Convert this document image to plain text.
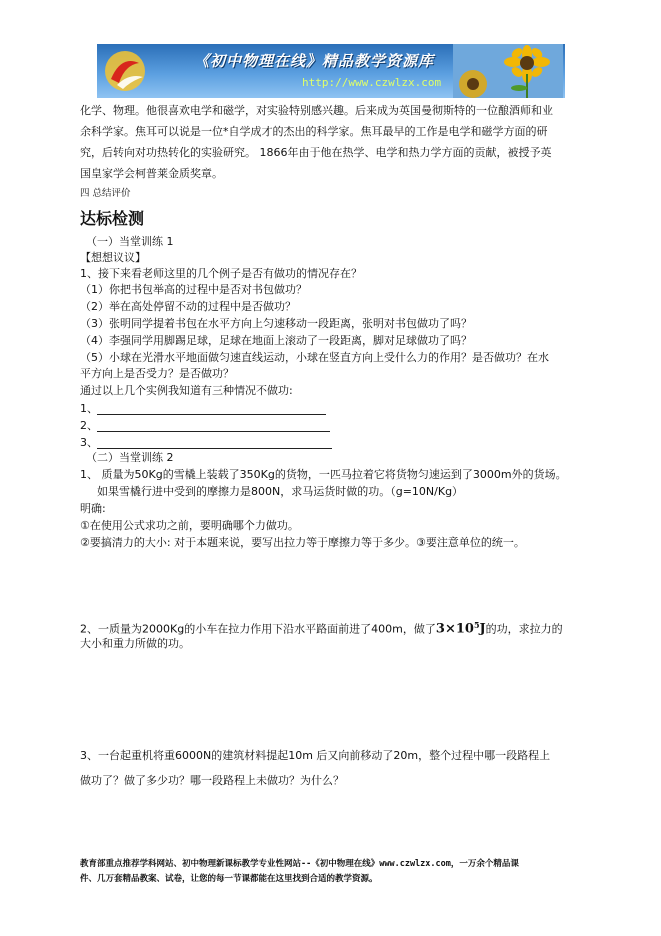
《初中物理在线》精品教学资源库
http://www.czwlzx.com
化学、物理。他很喜欢电学和磁学，对实验特别感兴趣。后来成为英国曼彻斯特的一位酿酒师和业
余科学家。焦耳可以说是一位*自学成才的杰出的科学家。焦耳最早的工作是电学和磁学方面的研
究，后转向对功热转化的实验研究。 1866年由于他在热学、电学和热力学方面的贡献，被授予英
国皇家学会柯普莱金质奖章。
四 总结评价
达标检测
（一）当堂训练 1
【想想议议】
1、接下来看老师这里的几个例子是否有做功的情况存在？
（1）你把书包举高的过程中是否对书包做功？
（2）举在高处停留不动的过程中是否做功？
（3）张明同学提着书包在水平方向上匀速移动一段距离，张明对书包做功了吗？
（4）李强同学用脚踢足球，足球在地面上滚动了一段距离，脚对足球做功了吗？
（5）小球在光滑水平地面做匀速直线运动，小球在竖直方向上受什么力的作用？是否做功？在水
平方向上是否受力？是否做功？
通过以上几个实例我知道有三种情况不做功:
1、
2、
3、
（二）当堂训练 2
1、 质量为50Kg的雪橇上装载了350Kg的货物，一匹马拉着它将货物匀速运到了3000m外的货场。
如果雪橇行进中受到的摩擦力是800N，求马运货时做的功。（g=10N/Kg）
明确:
①在使用公式求功之前，要明确哪个力做功。
②要搞清力的大小: 对于本题来说，要写出拉力等于摩擦力等于多少。③要注意单位的统一。
2、一质量为2000Kg的小车在拉力作用下沿水平路面前进了400m，做了$3\times 10^5J$的功，求拉力的
大小和重力所做的功。
3、一台起重机将重6000N的建筑材料提起10m 后又向前移动了20m，整个过程中哪一段路程上
做功了？做了多少功？哪一段路程上未做功？为什么？
教育部重点推荐学科网站、初中物理新课标教学专业性网站--《初中物理在线》www.czwlzx.com，一万余个精品课
件、几万套精品教案、试卷，让您的每一节课都能在这里找到合适的教学资源。
